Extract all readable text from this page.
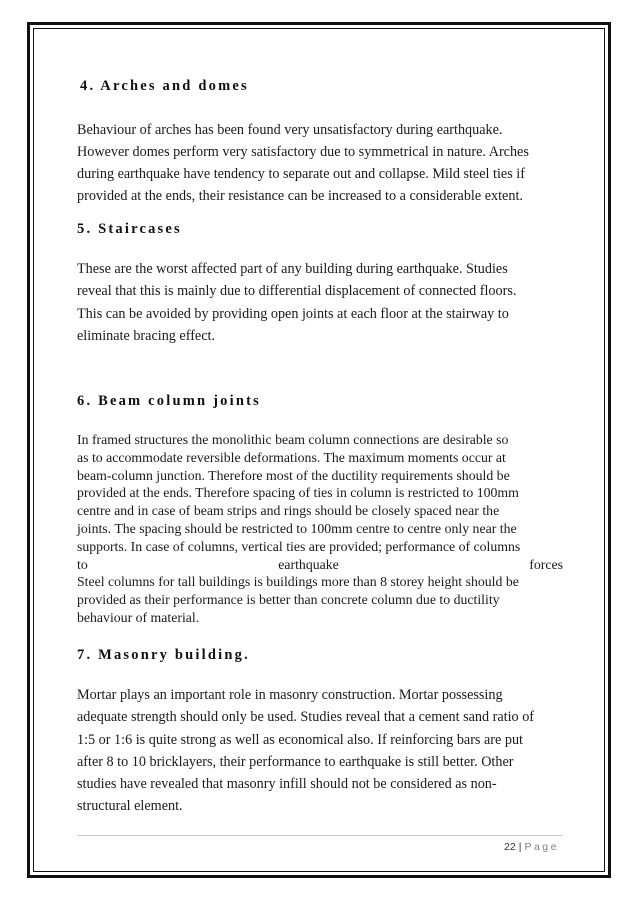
4. Arches and domes

Behaviour of arches has been found very unsatisfactory during earthquake.
However domes perform very satisfactory due to symmetrical in nature. Arches
during earthquake have tendency to separate out and collapse. Mild steel ties if
provided at the ends, their resistance can be increased to a considerable extent.

5. Staircases

These are the worst affected part of any building during earthquake. Studies
reveal that this is mainly due to differential displacement of connected floors.
This can be avoided by providing open joints at each floor at the stairway to
eliminate bracing effect.

6. Beam column joints

In framed structures the monolithic beam column connections are desirable so
as to accommodate reversible deformations. The maximum moments occur at
beam-column junction. Therefore most of the ductility requirements should be
provided at the ends. Therefore spacing of ties in column is restricted to 100mm
centre and in case of beam strips and rings should be closely spaced near the
joints. The spacing should be restricted to 100mm centre to centre only near the
supports. In case of columns, vertical ties are provided; performance of columns
to earthquake forces
Steel columns for tall buildings is buildings more than 8 storey height should be
provided as their performance is better than concrete column due to ductility
behaviour of material.

7. Masonry building.

Mortar plays an important role in masonry construction. Mortar possessing
adequate strength should only be used. Studies reveal that a cement sand ratio of
1:5 or 1:6 is quite strong as well as economical also. If reinforcing bars are put
after 8 to 10 bricklayers, their performance to earthquake is still better. Other
studies have revealed that masonry infill should not be considered as non-
structural element.

22 | Page
